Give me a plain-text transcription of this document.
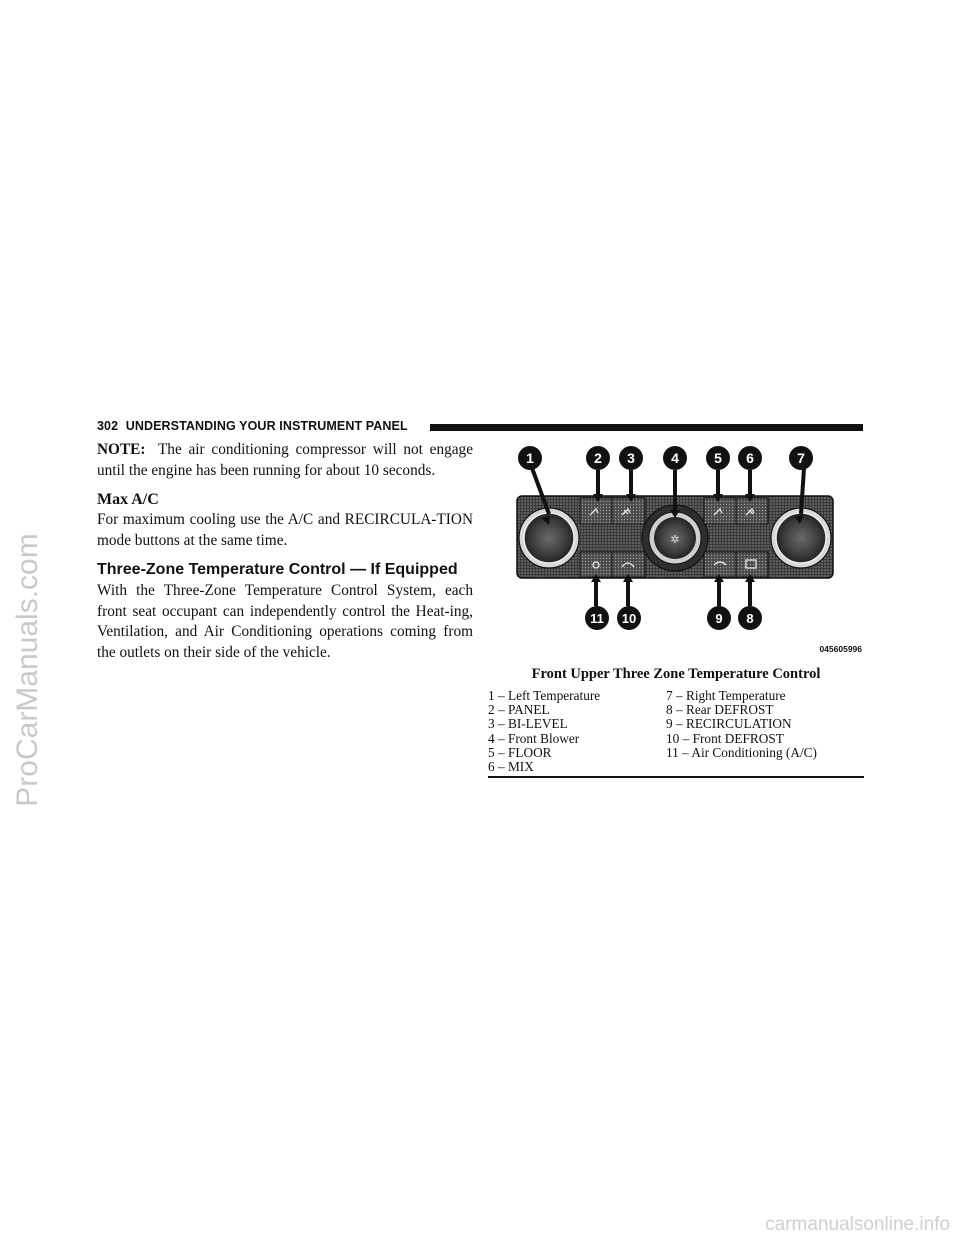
ProCarManuals.com
carmanualsonline.info
302 UNDERSTANDING YOUR INSTRUMENT PANEL

NOTE: The air conditioning compressor will not engage until the engine has been running for about 10 seconds.

Max A/C

For maximum cooling use the A/C and RECIRCULA-TION mode buttons at the same time.

Three-Zone Temperature Control — If Equipped

With the Three-Zone Temperature Control System, each front seat occupant can independently control the Heat-ing, Ventilation, and Air Conditioning operations coming from the outlets on their side of the vehicle.

✲
1	2 3	4	5 6	7
11 10	9 8
045605996
Front Upper Three Zone Temperature Control
1 – Left Temperature
2 – PANEL
3 – BI-LEVEL
4 – Front Blower
5 – FLOOR
6 – MIX
7 – Right Temperature
8 – Rear DEFROST
9 – RECIRCULATION
10 – Front DEFROST
11 – Air Conditioning (A/C)
